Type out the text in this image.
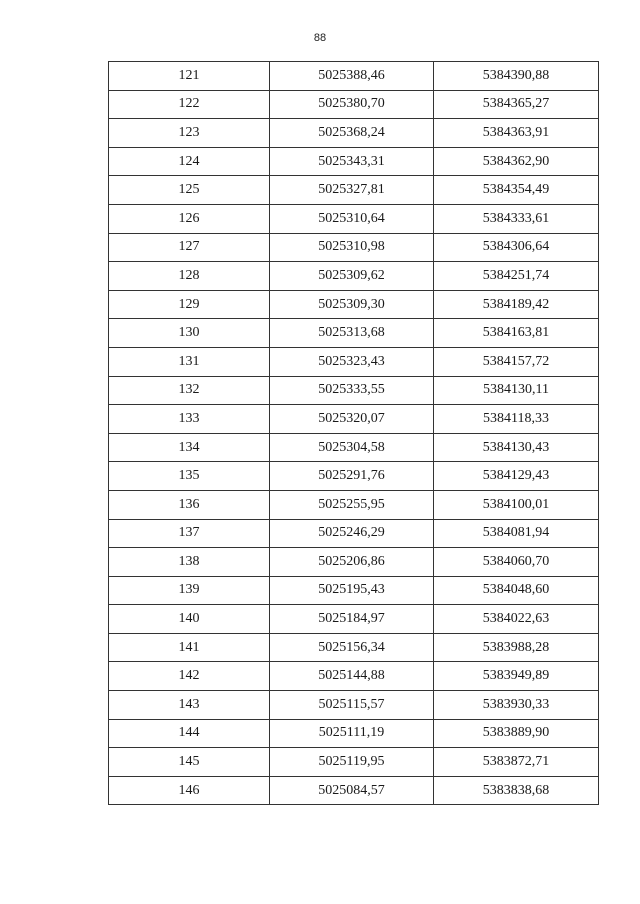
88
121	5025388,46	5384390,88
122	5025380,70	5384365,27
123	5025368,24	5384363,91
124	5025343,31	5384362,90
125	5025327,81	5384354,49
126	5025310,64	5384333,61
127	5025310,98	5384306,64
128	5025309,62	5384251,74
129	5025309,30	5384189,42
130	5025313,68	5384163,81
131	5025323,43	5384157,72
132	5025333,55	5384130,11
133	5025320,07	5384118,33
134	5025304,58	5384130,43
135	5025291,76	5384129,43
136	5025255,95	5384100,01
137	5025246,29	5384081,94
138	5025206,86	5384060,70
139	5025195,43	5384048,60
140	5025184,97	5384022,63
141	5025156,34	5383988,28
142	5025144,88	5383949,89
143	5025115,57	5383930,33
144	5025111,19	5383889,90
145	5025119,95	5383872,71
146	5025084,57	5383838,68
